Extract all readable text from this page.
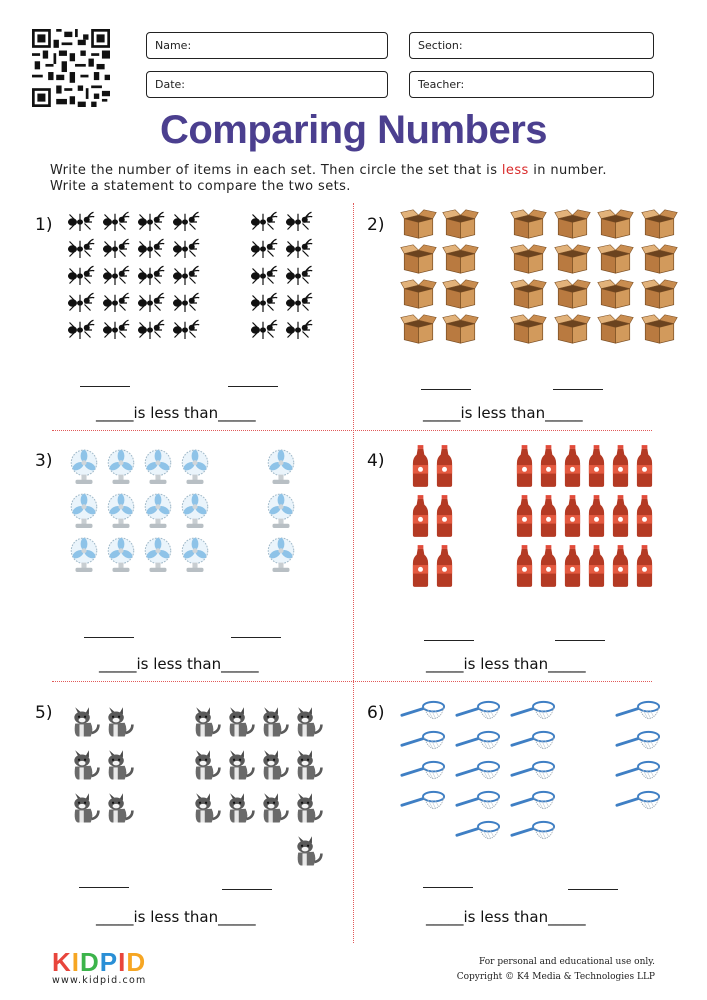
Name:	Section:
Date:	Teacher:
Comparing Numbers
Write the number of items in each set. Then circle the set that is less in number.
Write a statement to compare the two sets.
1)
_____is less than_____
2)
_____is less than_____
3)
_____is less than_____
4)
_____is less than_____
5)
_____is less than_____
6)
_____is less than_____
KIDPID
www.kidpid.com
For personal and educational use only.
Copyright © K4 Media & Technologies LLP
